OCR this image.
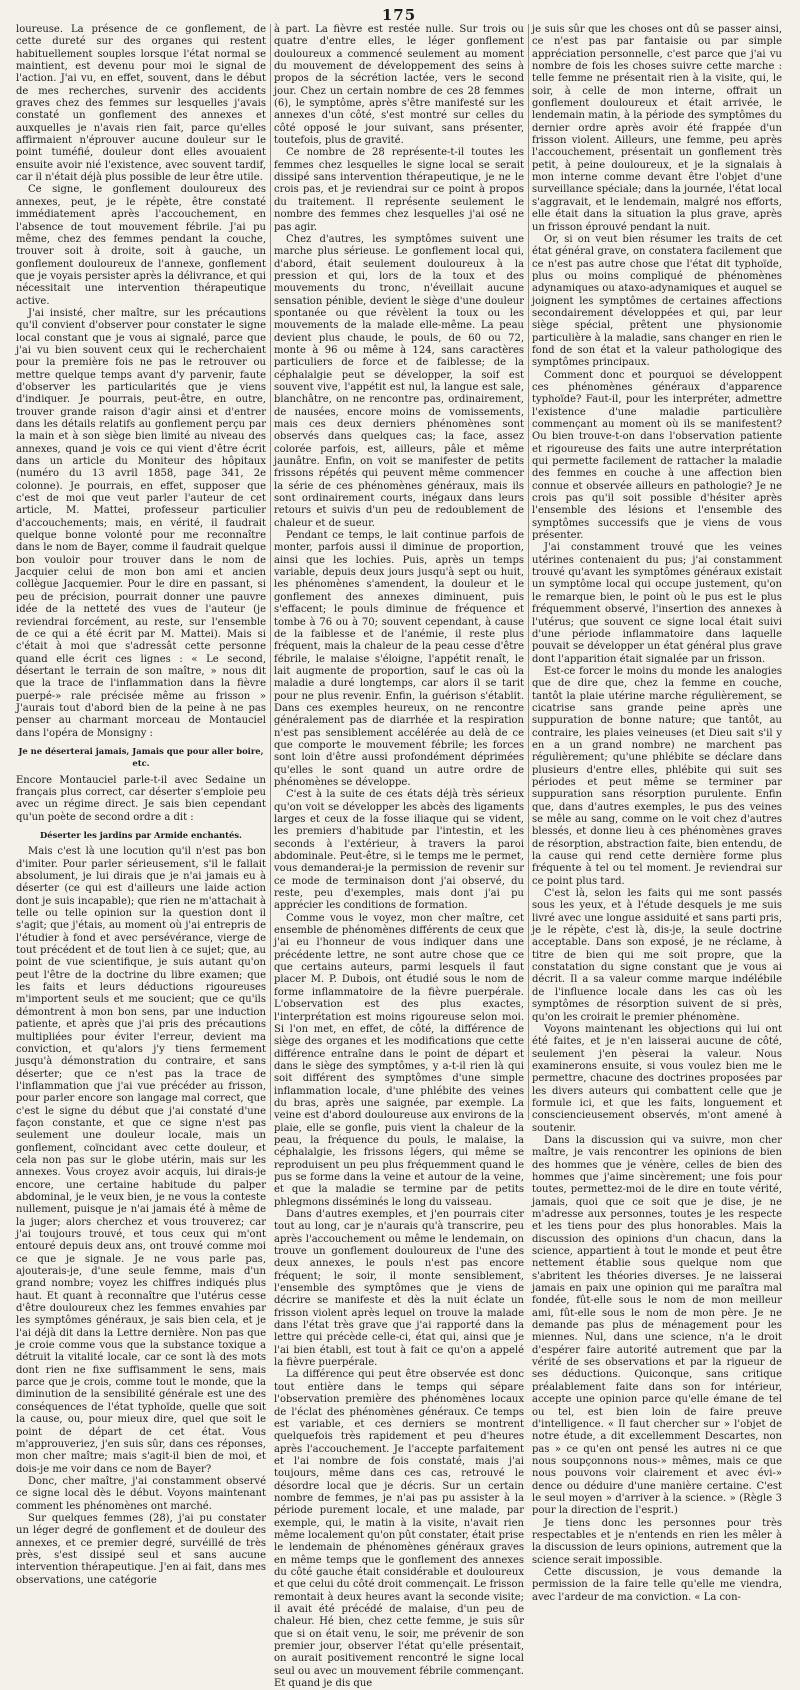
175

loureuse. La présence de ce gonflement, de cette dureté sur des organes qui restent habituellement souples lorsque l'état normal se maintient, est devenu pour moi le signal de l'action. J'ai vu, en effet, souvent, dans le début de mes recherches, survenir des accidents graves chez des femmes sur lesquelles j'avais constaté un gonflement des annexes et auxquelles je n'avais rien fait, parce qu'elles affirmaient n'éprouver aucune douleur sur le point tuméfié, douleur dont elles avouaient ensuite avoir nié l'existence, avec souvent tardif, car il n'était déjà plus possible de leur être utile.

Ce signe, le gonflement douloureux des annexes, peut, je le répète, être constaté immédiatement après l'accouchement, en l'absence de tout mouvement fébrile. J'ai pu même, chez des femmes pendant la couche, trouver soit à droite, soit à gauche, un gonflement douloureux de l'annexe, gonflement que je voyais persister après la délivrance, et qui nécessitait une intervention thérapeutique active.

J'ai insisté, cher maître, sur les précautions qu'il convient d'observer pour constater le signe local constant que je vous ai signalé, parce que j'ai vu bien souvent ceux qui le recherchaient pour la première fois ne pas le retrouver ou mettre quelque temps avant d'y parvenir, faute d'observer les particularités que je viens d'indiquer. Je pourrais, peut-être, en outre, trouver grande raison d'agir ainsi et d'entrer dans les détails relatifs au gonflement perçu par la main et à son siège bien limité au niveau des annexes, quand je vois ce qui vient d'être écrit dans un article du Moniteur des hôpitaux (numéro du 13 avril 1858, page 341, 2e colonne). Je pourrais, en effet, supposer que c'est de moi que veut parler l'auteur de cet article, M. Mattei, professeur particulier d'accouchements; mais, en vérité, il faudrait quelque bonne volonté pour me reconnaître dans le nom de Bayer, comme il faudrait quelque bon vouloir pour trouver dans le nom de Jacquier celui de mon bon ami et ancien collègue Jacquemier. Pour le dire en passant, si peu de précision, pourrait donner une pauvre idée de la netteté des vues de l'auteur (je reviendrai forcément, au reste, sur l'ensemble de ce qui a été écrit par M. Mattei). Mais si c'était à moi que s'adressât cette personne quand elle écrit ces lignes : « Le second, désertant le terrain de son maître, » nous dit que la trace de l'inflammation dans la fièvre puerpé-» rale précisée même au frisson » J'aurais tout d'abord bien de la peine à ne pas penser au charmant morceau de Montauciel dans l'opéra de Monsigny :

Je ne déserterai jamais, Jamais que pour aller boire, etc.

Encore Montauciel parle-t-il avec Sedaine un français plus correct, car déserter s'emploie peu avec un régime direct. Je sais bien cependant qu'un poète de second ordre a dit :

Déserter les jardins par Armide enchantés.

Mais c'est là une locution qu'il n'est pas bon d'imiter. Pour parler sérieusement, s'il le fallait absolument, je lui dirais que je n'ai jamais eu à déserter (ce qui est d'ailleurs une laide action dont je suis incapable); que rien ne m'attachait à telle ou telle opinion sur la question dont il s'agit; que j'étais, au moment où j'ai entrepris de l'étudier à fond et avec persévérance, vierge de tout précédent et de tout lien à ce sujet; que, au point de vue scientifique, je suis autant qu'on peut l'être de la doctrine du libre examen; que les faits et leurs déductions rigoureuses m'importent seuls et me soucient; que ce qu'ils démontrent à mon bon sens, par une induction patiente, et après que j'ai pris des précautions multipliées pour éviter l'erreur, devient ma conviction, et qu'alors j'y tiens fermement jusqu'à démonstration du contraire, et sans déserter; que ce n'est pas la trace de l'inflammation que j'ai vue précéder au frisson, pour parler encore son langage mal correct, que c'est le signe du début que j'ai constaté d'une façon constante, et que ce signe n'est pas seulement une douleur locale, mais un gonflement, coïncidant avec cette douleur, et cela non pas sur le globe utérin, mais sur les annexes. Vous croyez avoir acquis, lui dirais-je encore, une certaine habitude du palper abdominal, je le veux bien, je ne vous la conteste nullement, puisque je n'ai jamais été à même de la juger; alors cherchez et vous trouverez; car j'ai toujours trouvé, et tous ceux qui m'ont entouré depuis deux ans, ont trouvé comme moi ce que je signale. Je ne vous parle pas, ajouterais-je, d'une seule femme, mais d'un grand nombre; voyez les chiffres indiqués plus haut. Et quant à reconnaître que l'utérus cesse d'être douloureux chez les femmes envahies par les symptômes généraux, je sais bien cela, et je l'ai déjà dit dans la Lettre dernière. Non pas que je croie comme vous que la substance toxique a détruit la vitalité locale, car ce sont là des mots dont rien ne fixe suffisamment le sens, mais parce que je crois, comme tout le monde, que la diminution de la sensibilité générale est une des conséquences de l'état typhoïde, quelle que soit la cause, ou, pour mieux dire, quel que soit le point de départ de cet état. Vous m'approuveriez, j'en suis sûr, dans ces réponses, mon cher maître; mais s'agit-il bien de moi, et dois-je me voir dans ce nom de Bayer?

Donc, cher maître, j'ai constamment observé ce signe local dès le début. Voyons maintenant comment les phénomènes ont marché.

Sur quelques femmes (28), j'ai pu constater un léger degré de gonflement et de douleur des annexes, et ce premier degré, survéillé de très près, s'est dissipé seul et sans aucune intervention thérapeutique. J'en ai fait, dans mes observations, une catégorie

à part. La fièvre est restée nulle. Sur trois ou quatre d'entre elles, le léger gonflement douloureux a commencé seulement au moment du mouvement de développement des seins à propos de la sécrétion lactée, vers le second jour. Chez un certain nombre de ces 28 femmes (6), le symptôme, après s'être manifesté sur les annexes d'un côté, s'est montré sur celles du côté opposé le jour suivant, sans présenter, toutefois, plus de gravité.

Ce nombre de 28 représente-t-il toutes les femmes chez lesquelles le signe local se serait dissipé sans intervention thérapeutique, je ne le crois pas, et je reviendrai sur ce point à propos du traitement. Il représente seulement le nombre des femmes chez lesquelles j'ai osé ne pas agir.

Chez d'autres, les symptômes suivent une marche plus sérieuse. Le gonflement local qui, d'abord, était seulement douloureux à la pression et qui, lors de la toux et des mouvements du tronc, n'éveillait aucune sensation pénible, devient le siège d'une douleur spontanée ou que révèlent la toux ou les mouvements de la malade elle-même. La peau devient plus chaude, le pouls, de 60 ou 72, monte à 96 ou même à 124, sans caractères particuliers de force et de faiblesse; de la céphalalgie peut se développer, la soif est souvent vive, l'appétit est nul, la langue est sale, blanchâtre, on ne rencontre pas, ordinairement, de nausées, encore moins de vomissements, mais ces deux derniers phénomènes sont observés dans quelques cas; la face, assez colorée parfois, est, ailleurs, pâle et même jaunâtre. Enfin, on voit se manifester de petits frissons répétés qui peuvent même commencer la série de ces phénomènes généraux, mais ils sont ordinairement courts, inégaux dans leurs retours et suivis d'un peu de redoublement de chaleur et de sueur.

Pendant ce temps, le lait continue parfois de monter, parfois aussi il diminue de proportion, ainsi que les lochies. Puis, après un temps variable, depuis deux jours jusqu'à sept ou huit, les phénomènes s'amendent, la douleur et le gonflement des annexes diminuent, puis s'effacent; le pouls diminue de fréquence et tombe à 76 ou à 70; souvent cependant, à cause de la faiblesse et de l'anémie, il reste plus fréquent, mais la chaleur de la peau cesse d'être fébrile, le malaise s'éloigne, l'appétit renaît, le lait augmente de proportion, sauf le cas où la maladie a duré longtemps, car alors il se tarit pour ne plus revenir. Enfin, la guérison s'établit. Dans ces exemples heureux, on ne rencontre généralement pas de diarrhée et la respiration n'est pas sensiblement accélérée au delà de ce que comporte le mouvement fébrile; les forces sont loin d'être aussi profondément déprimées qu'elles le sont quand un autre ordre de phénomènes se développe.

C'est à la suite de ces états déjà très sérieux qu'on voit se développer les abcès des ligaments larges et ceux de la fosse iliaque qui se vident, les premiers d'habitude par l'intestin, et les seconds à l'extérieur, à travers la paroi abdominale. Peut-être, si le temps me le permet, vous demanderai-je la permission de revenir sur ce mode de terminaison dont j'ai observé, du reste, peu d'exemples, mais dont j'ai pu apprécier les conditions de formation.

Comme vous le voyez, mon cher maître, cet ensemble de phénomènes différents de ceux que j'ai eu l'honneur de vous indiquer dans une précédente lettre, ne sont autre chose que ce que certains auteurs, parmi lesquels il faut placer M. P. Dubois, ont étudié sous le nom de forme inflammatoire de la fièvre puerpérale. L'observation est des plus exactes, l'interprétation est moins rigoureuse selon moi. Si l'on met, en effet, de côté, la différence de siège des organes et les modifications que cette différence entraîne dans le point de départ et dans le siège des symptômes, y a-t-il rien là qui soit différent des symptômes d'une simple inflammation locale, d'une phlébite des veines du bras, après une saignée, par exemple. La veine est d'abord douloureuse aux environs de la plaie, elle se gonfle, puis vient la chaleur de la peau, la fréquence du pouls, le malaise, la céphalalgie, les frissons légers, qui même se reproduisent un peu plus fréquemment quand le pus se forme dans la veine et autour de la veine, et que la maladie se termine par de petits phlegmons disséminés le long du vaisseau.

Dans d'autres exemples, et j'en pourrais citer tout au long, car je n'aurais qu'à transcrire, peu après l'accouchement ou même le lendemain, on trouve un gonflement douloureux de l'une des deux annexes, le pouls n'est pas encore fréquent; le soir, il monte sensiblement, l'ensemble des symptômes que je viens de décrire se manifeste et dès la nuit éclate un frisson violent après lequel on trouve la malade dans l'état très grave que j'ai rapporté dans la lettre qui précède celle-ci, état qui, ainsi que je l'ai bien établi, est tout à fait ce qu'on a appelé la fièvre puerpérale.

La différence qui peut être observée est donc tout entière dans le temps qui sépare l'observation première des phénomènes locaux de l'éclat des phénomènes généraux. Ce temps est variable, et ces derniers se montrent quelquefois très rapidement et peu d'heures après l'accouchement. Je l'accepte parfaitement et l'ai nombre de fois constaté, mais j'ai toujours, même dans ces cas, retrouvé le désordre local que je décris. Sur un certain nombre de femmes, je n'ai pas pu assister à la période purement locale, et une malade, par exemple, qui, le matin à la visite, n'avait rien même localement qu'on pût constater, était prise le lendemain de phénomènes généraux graves en même temps que le gonflement des annexes du côté gauche était considérable et douloureux et que celui du côté droit commençait. Le frisson remontait à deux heures avant la seconde visite; il avait été précédé de malaise, d'un peu de chaleur. Hé bien, chez cette femme, je suis sûr que si on était venu, le soir, me prévenir de son premier jour, observer l'état qu'elle présentait, on aurait positivement rencontré le signe local seul ou avec un mouvement fébrile commençant. Et quand je dis que

je suis sûr que les choses ont dû se passer ainsi, ce n'est pas par fantaisie ou par simple appréciation personnelle, c'est parce que j'ai vu nombre de fois les choses suivre cette marche : telle femme ne présentait rien à la visite, qui, le soir, à celle de mon interne, offrait un gonflement douloureux et était arrivée, le lendemain matin, à la période des symptômes du dernier ordre après avoir été frappée d'un frisson violent. Ailleurs, une femme, peu après l'accouchement, présentait un gonflement très petit, à peine douloureux, et je la signalais à mon interne comme devant être l'objet d'une surveillance spéciale; dans la journée, l'état local s'aggravait, et le lendemain, malgré nos efforts, elle était dans la situation la plus grave, après un frisson éprouvé pendant la nuit.

Or, si on veut bien résumer les traits de cet état général grave, on constatera facilement que ce n'est pas autre chose que l'état dit typhoïde, plus ou moins compliqué de phénomènes adynamiques ou ataxo-adynamiques et auquel se joignent les symptômes de certaines affections secondairement développées et qui, par leur siège spécial, prêtent une physionomie particulière à la maladie, sans changer en rien le fond de son état et la valeur pathologique des symptômes principaux.

Comment donc et pourquoi se développent ces phénomènes généraux d'apparence typhoïde? Faut-il, pour les interpréter, admettre l'existence d'une maladie particulière commençant au moment où ils se manifestent? Ou bien trouve-t-on dans l'observation patiente et rigoureuse des faits une autre interprétation qui permette facilement de rattacher la maladie des femmes en couche à une affection bien connue et observée ailleurs en pathologie? Je ne crois pas qu'il soit possible d'hésiter après l'ensemble des lésions et l'ensemble des symptômes successifs que je viens de vous présenter.

J'ai constamment trouvé que les veines utérines contenaient du pus; j'ai constamment trouvé qu'avant les symptômes généraux existait un symptôme local qui occupe justement, qu'on le remarque bien, le point où le pus est le plus fréquemment observé, l'insertion des annexes à l'utérus; que souvent ce signe local était suivi d'une période inflammatoire dans laquelle pouvait se développer un état général plus grave dont l'apparition était signalée par un frisson.

Est-ce forcer le moins du monde les analogies que de dire que, chez la femme en couche, tantôt la plaie utérine marche régulièrement, se cicatrise sans grande peine après une suppuration de bonne nature; que tantôt, au contraire, les plaies veineuses (et Dieu sait s'il y en a un grand nombre) ne marchent pas régulièrement; qu'une phlébite se déclare dans plusieurs d'entre elles, phlébite qui suit ses périodes et peut même se terminer par suppuration sans résorption purulente. Enfin que, dans d'autres exemples, le pus des veines se mêle au sang, comme on le voit chez d'autres blessés, et donne lieu à ces phénomènes graves de résorption, abstraction faite, bien entendu, de la cause qui rend cette dernière forme plus fréquente à tel ou tel moment. Je reviendrai sur ce point plus tard.

C'est là, selon les faits qui me sont passés sous les yeux, et à l'étude desquels je me suis livré avec une longue assiduité et sans parti pris, je le répète, c'est là, dis-je, la seule doctrine acceptable. Dans son exposé, je ne réclame, à titre de bien qui me soit propre, que la constatation du signe constant que je vous ai décrit. Il a sa valeur comme marque indélébile de l'influence locale dans les cas où les symptômes de résorption suivent de si près, qu'on les croirait le premier phénomène.

Voyons maintenant les objections qui lui ont été faites, et je n'en laisserai aucune de côté, seulement j'en pèserai la valeur. Nous examinerons ensuite, si vous voulez bien me le permettre, chacune des doctrines proposées par les divers auteurs qui combattent celle que je formule ici, et que les faits, longuement et consciencieusement observés, m'ont amené à soutenir.

Dans la discussion qui va suivre, mon cher maître, je vais rencontrer les opinions de bien des hommes que je vénère, celles de bien des hommes que j'aime sincèrement; une fois pour toutes, permettez-moi de le dire en toute vérité, jamais, quoi que ce soit que je dise, je ne m'adresse aux personnes, toutes je les respecte et les tiens pour des plus honorables. Mais la discussion des opinions d'un chacun, dans la science, appartient à tout le monde et peut être nettement établie sous quelque nom que s'abritent les théories diverses. Je ne laisserai jamais en paix une opinion qui me paraîtra mal fondée, fût-elle sous le nom de mon meilleur ami, fût-elle sous le nom de mon père. Je ne demande pas plus de ménagement pour les miennes. Nul, dans une science, n'a le droit d'espérer faire autorité autrement que par la vérité de ses observations et par la rigueur de ses déductions. Quiconque, sans critique préalablement faite dans son for intérieur, accepte une opinion parce qu'elle émane de tel ou tel, est bien loin de faire preuve d'intelligence. « Il faut chercher sur » l'objet de notre étude, a dit excellemment Descartes, non pas » ce qu'en ont pensé les autres ni ce que nous soupçonnons nous-» mêmes, mais ce que nous pouvons voir clairement et avec évi-» dence ou déduire d'une manière certaine. C'est le seul moyen » d'arriver à la science. » (Règle 3 pour la direction de l'esprit.)

Je tiens donc les personnes pour très respectables et je n'entends en rien les mêler à la discussion de leurs opinions, autrement que la science serait impossible.

Cette discussion, je vous demande la permission de la faire telle qu'elle me viendra, avec l'ardeur de ma conviction. « La con-
